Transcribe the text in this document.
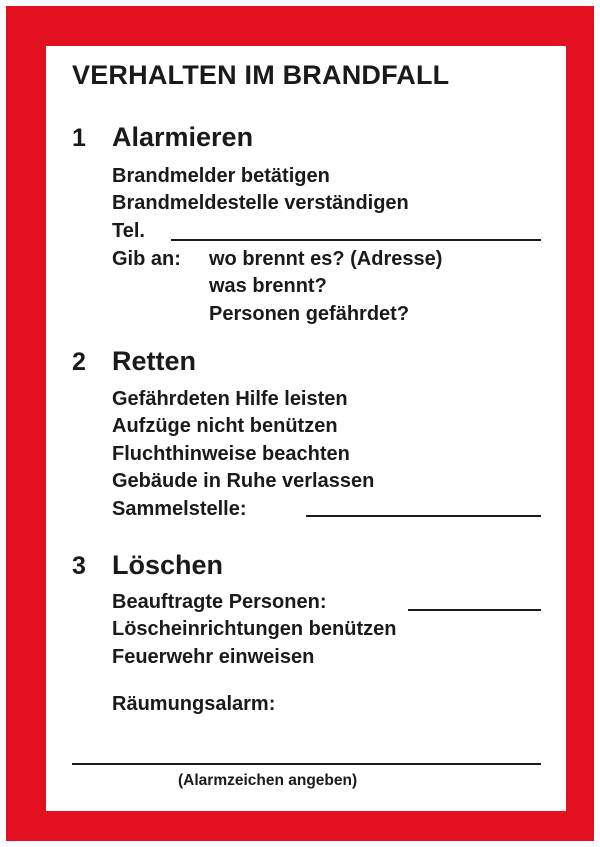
VERHALTEN IM BRANDFALL
1 Alarmieren
Brandmelder betätigen
Brandmeldestelle verständigen
Tel.
Gib an: wo brennt es? (Adresse)
was brennt?
Personen gefährdet?
2 Retten
Gefährdeten Hilfe leisten
Aufzüge nicht benützen
Fluchthinweise beachten
Gebäude in Ruhe verlassen
Sammelstelle:
3 Löschen
Beauftragte Personen:
Löscheinrichtungen benützen
Feuerwehr einweisen
Räumungsalarm:
(Alarmzeichen angeben)
